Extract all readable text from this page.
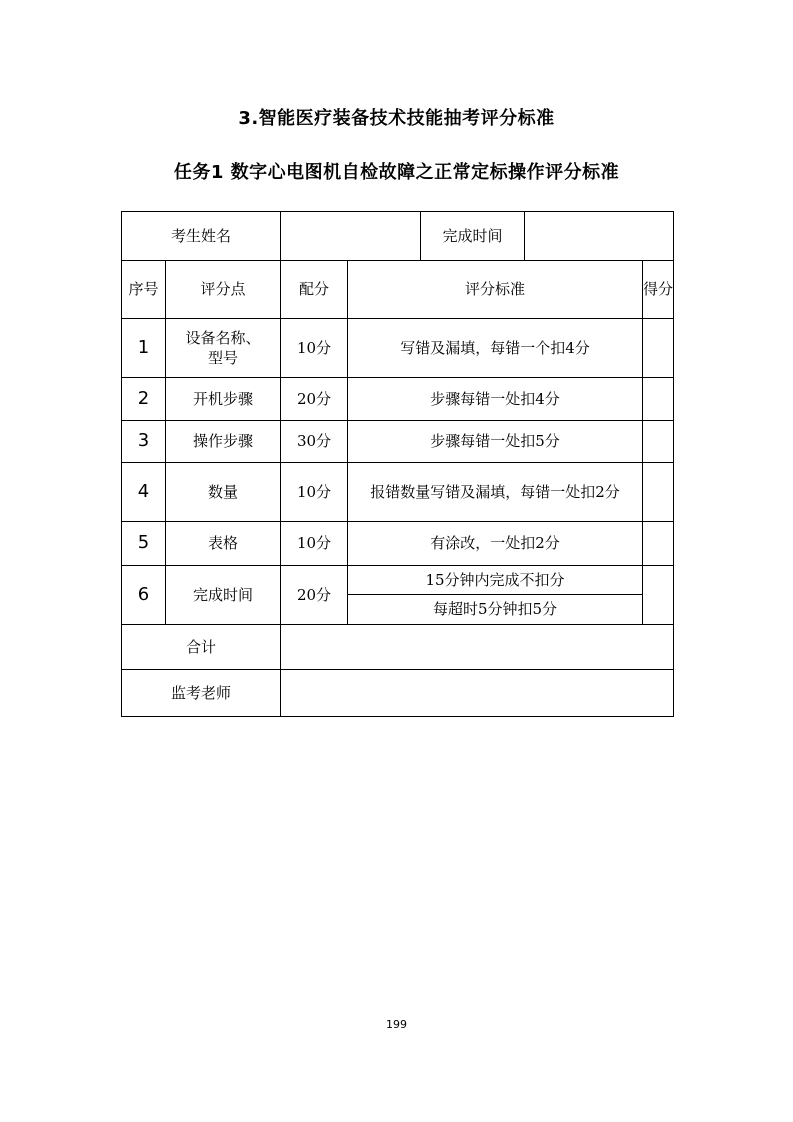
3.智能医疗装备技术技能抽考评分标准
任务1 数字心电图机自检故障之正常定标操作评分标准
考生姓名				完成时间		
序号	评分点	配分	评分标准			得分
1	设备名称、型号	10分	写错及漏填，每错一个扣4分			
2	开机步骤	20分	步骤每错一处扣4分			
3	操作步骤	30分	步骤每错一处扣5分			
4	数量	10分	报错数量写错及漏填，每错一处扣2分			
5	表格	10分	有涂改，一处扣2分			
6	完成时间	20分	15分钟内完成不扣分			
			每超时5分钟扣5分			
合计						
监考老师						
199
